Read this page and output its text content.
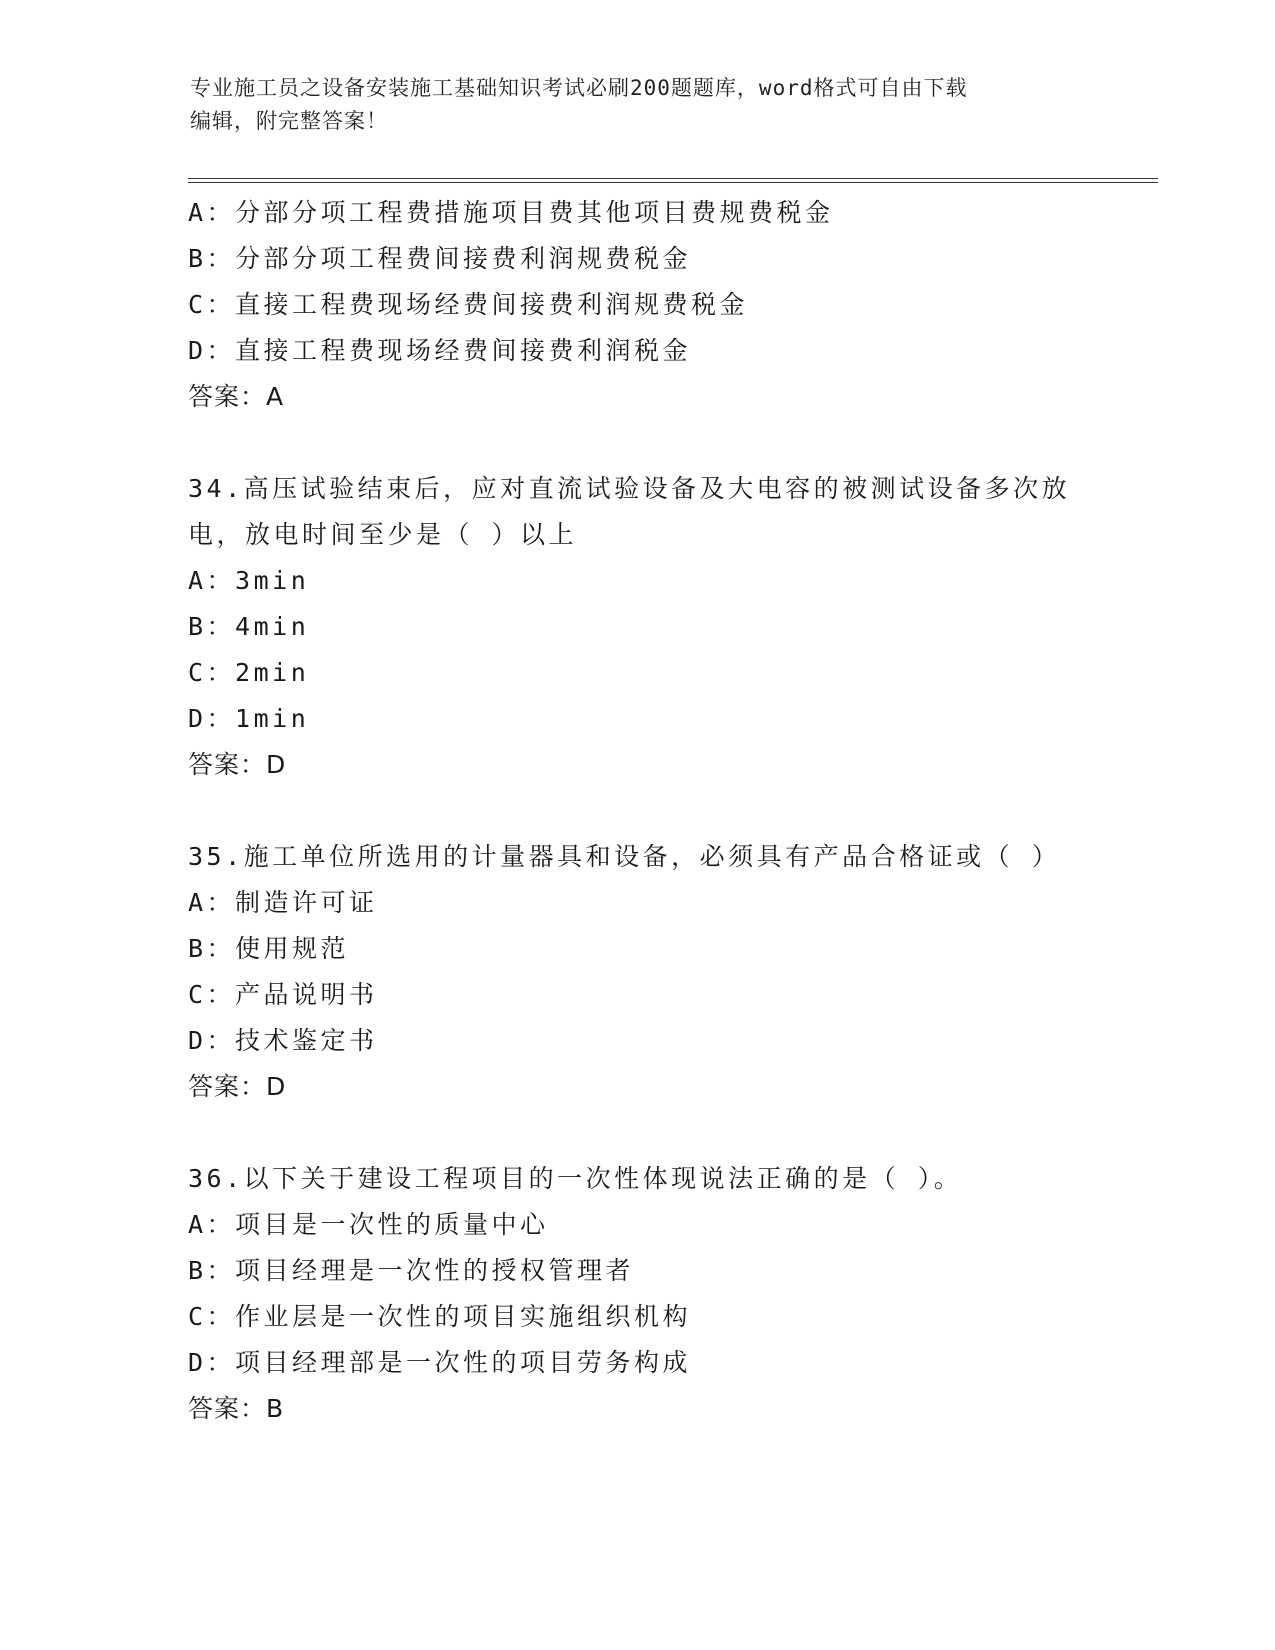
专业施工员之设备安装施工基础知识考试必刷200题题库，word格式可自由下载
编辑，附完整答案！
A：分部分项工程费措施项目费其他项目费规费税金
B：分部分项工程费间接费利润规费税金
C：直接工程费现场经费间接费利润规费税金
D：直接工程费现场经费间接费利润税金
答案：A
34.高压试验结束后，应对直流试验设备及大电容的被测试设备多次放
电，放电时间至少是（ ）以上
A：3min
B：4min
C：2min
D：1min
答案：D
35.施工单位所选用的计量器具和设备，必须具有产品合格证或（ ）
A：制造许可证
B：使用规范
C：产品说明书
D：技术鉴定书
答案：D
36.以下关于建设工程项目的一次性体现说法正确的是（ ）。
A：项目是一次性的质量中心
B：项目经理是一次性的授权管理者
C：作业层是一次性的项目实施组织机构
D：项目经理部是一次性的项目劳务构成
答案：B
